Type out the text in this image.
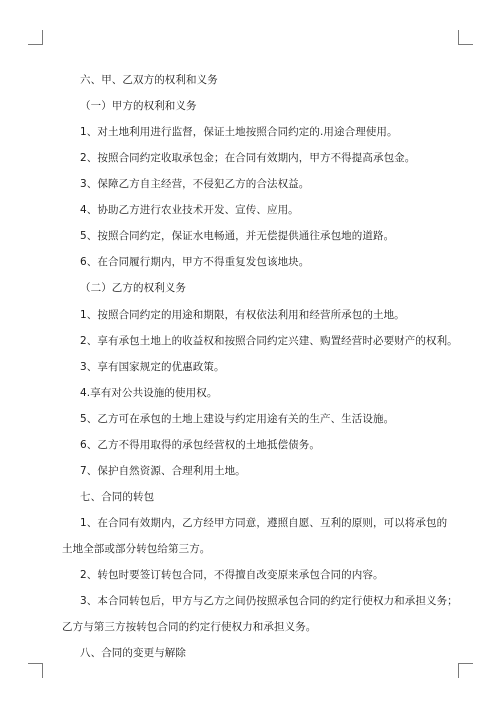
六、甲、乙双方的权利和义务
（一）甲方的权利和义务
1、对土地利用进行监督，保证土地按照合同约定的.用途合理使用。
2、按照合同约定收取承包金；在合同有效期内，甲方不得提高承包金。
3、保障乙方自主经营，不侵犯乙方的合法权益。
4、协助乙方进行农业技术开发、宣传、应用。
5、按照合同约定，保证水电畅通，并无偿提供通往承包地的道路。
6、在合同履行期内，甲方不得重复发包该地块。
（二）乙方的权利义务
1、按照合同约定的用途和期限，有权依法利用和经营所承包的土地。
2、享有承包土地上的收益权和按照合同约定兴建、购置经营时必要财产的权利。
3、享有国家规定的优惠政策。
4.享有对公共设施的使用权。
5、乙方可在承包的土地上建设与约定用途有关的生产、生活设施。
6、乙方不得用取得的承包经营权的土地抵偿债务。
7、保护自然资源、合理利用土地。
七、合同的转包
1、在合同有效期内，乙方经甲方同意，遵照自愿、互利的原则，可以将承包的
土地全部或部分转包给第三方。
2、转包时要签订转包合同，不得擅自改变原来承包合同的内容。
3、本合同转包后，甲方与乙方之间仍按照承包合同的约定行使权力和承担义务；
乙方与第三方按转包合同的约定行使权力和承担义务。
八、合同的变更与解除
